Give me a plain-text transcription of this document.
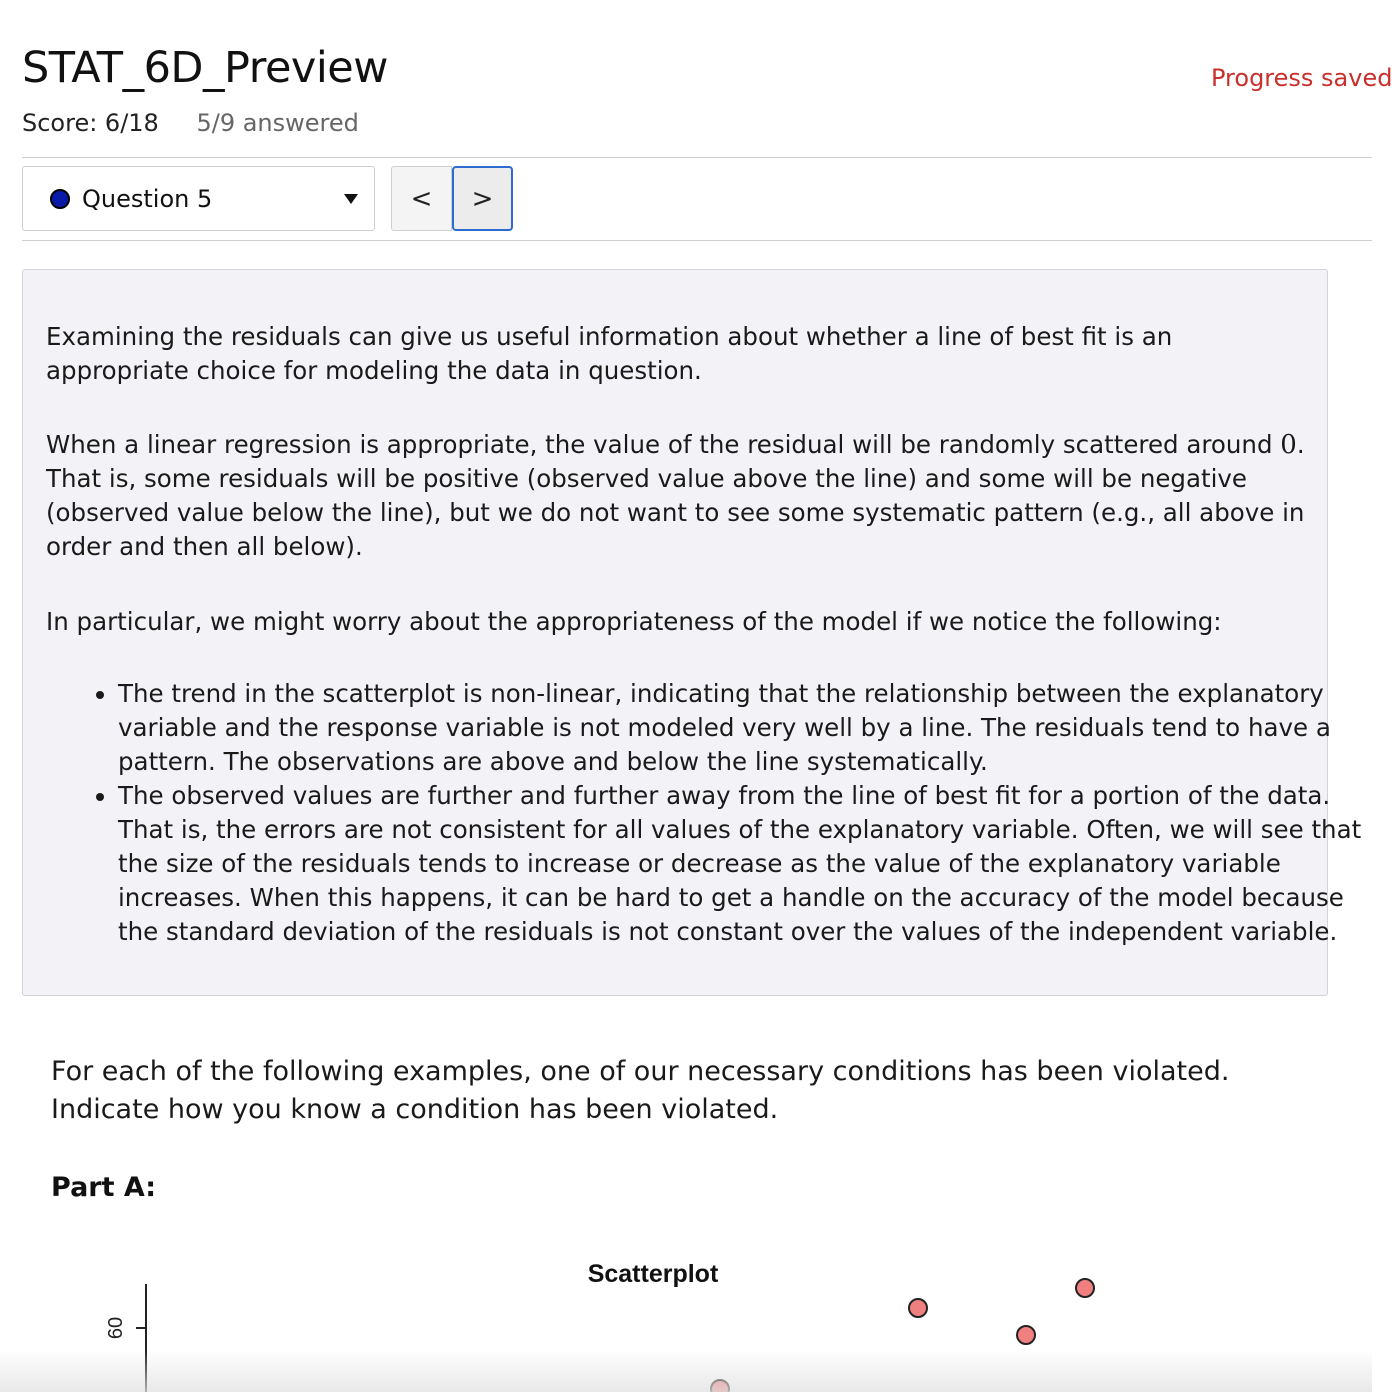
STAT_6D_Preview	Progress saved
Score: 6/18 5/9 answered
Question 5	< >

Examining the residuals can give us useful information about whether a line of best fit is an appropriate choice for modeling the data in question.

When a linear regression is appropriate, the value of the residual will be randomly scattered around 0. That is, some residuals will be positive (observed value above the line) and some will be negative (observed value below the line), but we do not want to see some systematic pattern (e.g., all above in order and then all below).

In particular, we might worry about the appropriateness of the model if we notice the following:

• The trend in the scatterplot is non-linear, indicating that the relationship between the explanatory variable and the response variable is not modeled very well by a line. The residuals tend to have a pattern. The observations are above and below the line systematically.
• The observed values are further and further away from the line of best fit for a portion of the data. That is, the errors are not consistent for all values of the explanatory variable. Often, we will see that the size of the residuals tends to increase or decrease as the value of the explanatory variable increases. When this happens, it can be hard to get a handle on the accuracy of the model because the standard deviation of the residuals is not constant over the values of the independent variable.

For each of the following examples, one of our necessary conditions has been violated. Indicate how you know a condition has been violated.

Part A:

Scatterplot
60
